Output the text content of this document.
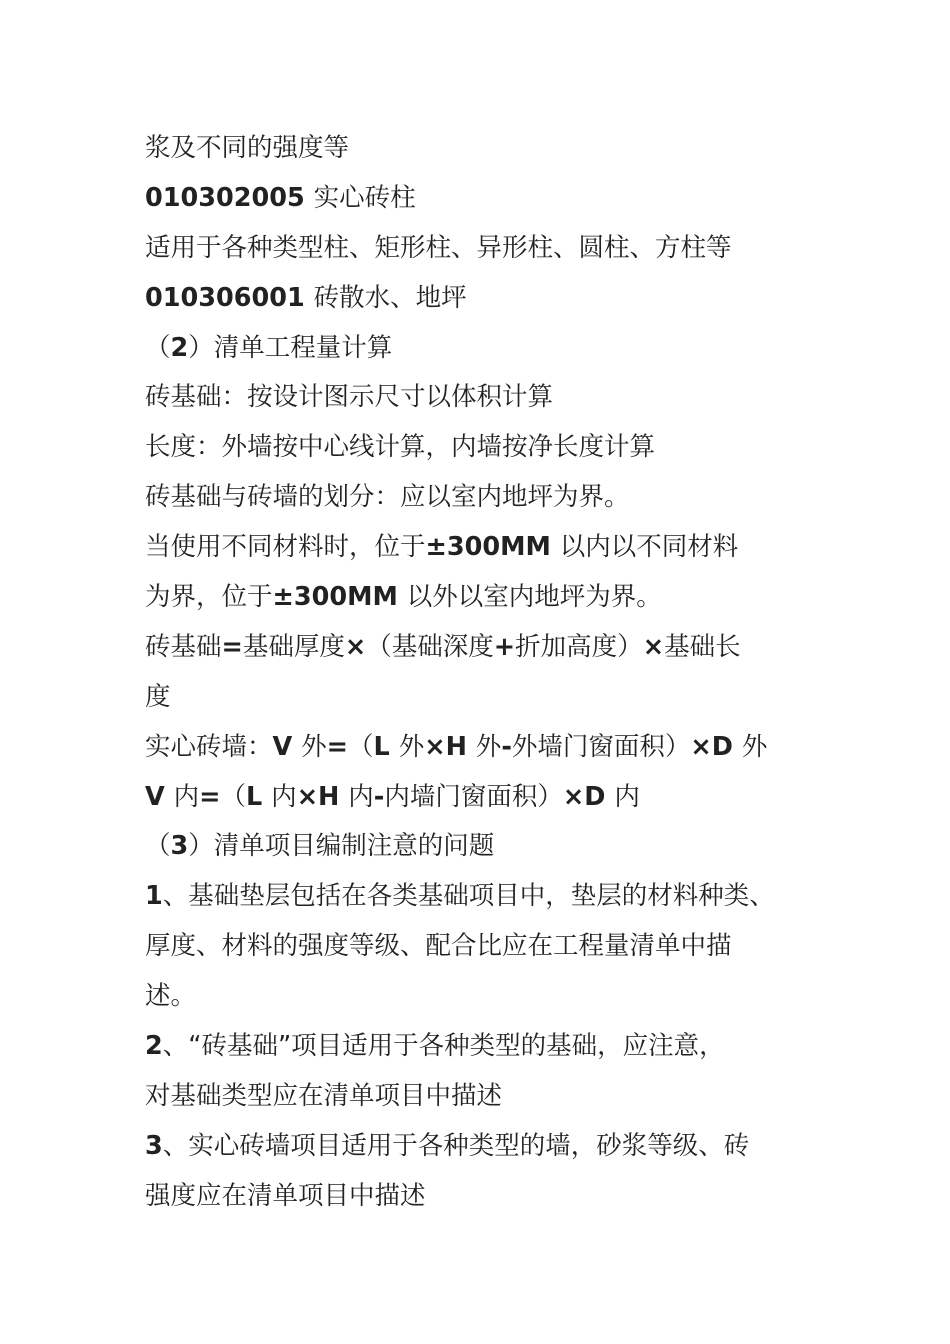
浆及不同的强度等
010302005 实心砖柱
适用于各种类型柱、矩形柱、异形柱、圆柱、方柱等
010306001 砖散水、地坪
（2）清单工程量计算
砖基础：按设计图示尺寸以体积计算
长度：外墙按中心线计算，内墙按净长度计算
砖基础与砖墙的划分：应以室内地坪为界。
当使用不同材料时，位于±300MM 以内以不同材料
为界，位于±300MM 以外以室内地坪为界。
砖基础=基础厚度×（基础深度+折加高度）×基础长
度
实心砖墙：V 外=（L 外×H 外-外墙门窗面积）×D 外
V 内=（L 内×H 内-内墙门窗面积）×D 内
（3）清单项目编制注意的问题
1、基础垫层包括在各类基础项目中，垫层的材料种类、
厚度、材料的强度等级、配合比应在工程量清单中描
述。
2、“砖基础”项目适用于各种类型的基础，应注意，
对基础类型应在清单项目中描述
3、实心砖墙项目适用于各种类型的墙，砂浆等级、砖
强度应在清单项目中描述
